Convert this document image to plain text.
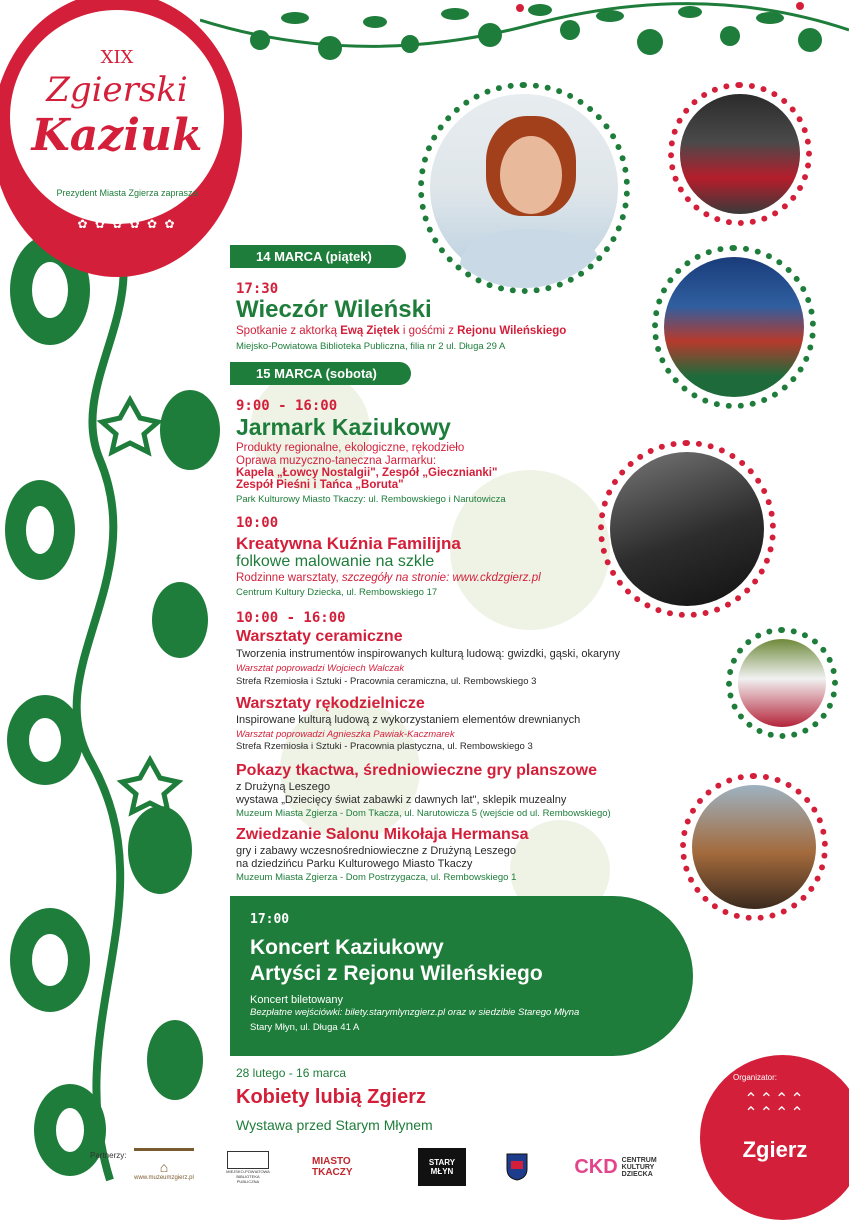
XIX
Zgierski
Kaziuk
Prezydent Miasta Zgierza zaprasza
✿ ✿ ✿ ✿ ✿ ✿
14 MARCA (piątek)
17:30
Wieczór Wileński
Spotkanie z aktorką Ewą Ziętek i gośćmi z Rejonu Wileńskiego
Miejsko-Powiatowa Biblioteka Publiczna, filia nr 2 ul. Długa 29 A
15 MARCA (sobota)
9:00 - 16:00
Jarmark Kaziukowy
Produkty regionalne, ekologiczne, rękodzieło
Oprawa muzyczno-taneczna Jarmarku:
Kapela „Łowcy Nostalgii", Zespół „Giecznianki"
Zespół Pieśni i Tańca „Boruta"
Park Kulturowy Miasto Tkaczy: ul. Rembowskiego i Narutowicza
10:00
Kreatywna Kuźnia Familijna
folkowe malowanie na szkle
Rodzinne warsztaty, szczegóły na stronie: www.ckdzgierz.pl
Centrum Kultury Dziecka, ul. Rembowskiego 17
10:00 - 16:00
Warsztaty ceramiczne
Tworzenia instrumentów inspirowanych kulturą ludową: gwizdki, gąski, okaryny
Warsztat poprowadzi Wojciech Walczak
Strefa Rzemiosła i Sztuki - Pracownia ceramiczna, ul. Rembowskiego 3
Warsztaty rękodzielnicze
Inspirowane kulturą ludową z wykorzystaniem elementów drewnianych
Warsztat poprowadzi Agnieszka Pawiak-Kaczmarek
Strefa Rzemiosła i Sztuki - Pracownia plastyczna, ul. Rembowskiego 3
Pokazy tkactwa, średniowieczne gry planszowe
z Drużyną Leszego
wystawa „Dziecięcy świat zabawki z dawnych lat", sklepik muzealny
Muzeum Miasta Zgierza - Dom Tkacza, ul. Narutowicza 5 (wejście od ul. Rembowskiego)
Zwiedzanie Salonu Mikołaja Hermansa
gry i zabawy wczesnośredniowieczne z Drużyną Leszego
na dziedzińcu Parku Kulturowego Miasto Tkaczy
Muzeum Miasta Zgierza - Dom Postrzygacza, ul. Rembowskiego 1
17:00
Koncert Kaziukowy
Artyści z Rejonu Wileńskiego
Koncert biletowany
Bezpłatne wejściówki: bilety.starymlynzgierz.pl oraz w siedzibie Starego Młyna
Stary Młyn, ul. Długa 41 A
28 lutego - 16 marca
Kobiety lubią Zgierz
Wystawa przed Starym Młynem
Organizator:
⌃⌃⌃⌃
⌃⌃⌃⌃
Zgierz
Partnerzy:
⌂
www.muzeumzgierz.pl
MIEJSKO-POWIATOWA BIBLIOTEKA PUBLICZNA
MIASTO TKACZY
STARY MŁYN	CKD CENTRUM KULTURY DZIECKA
